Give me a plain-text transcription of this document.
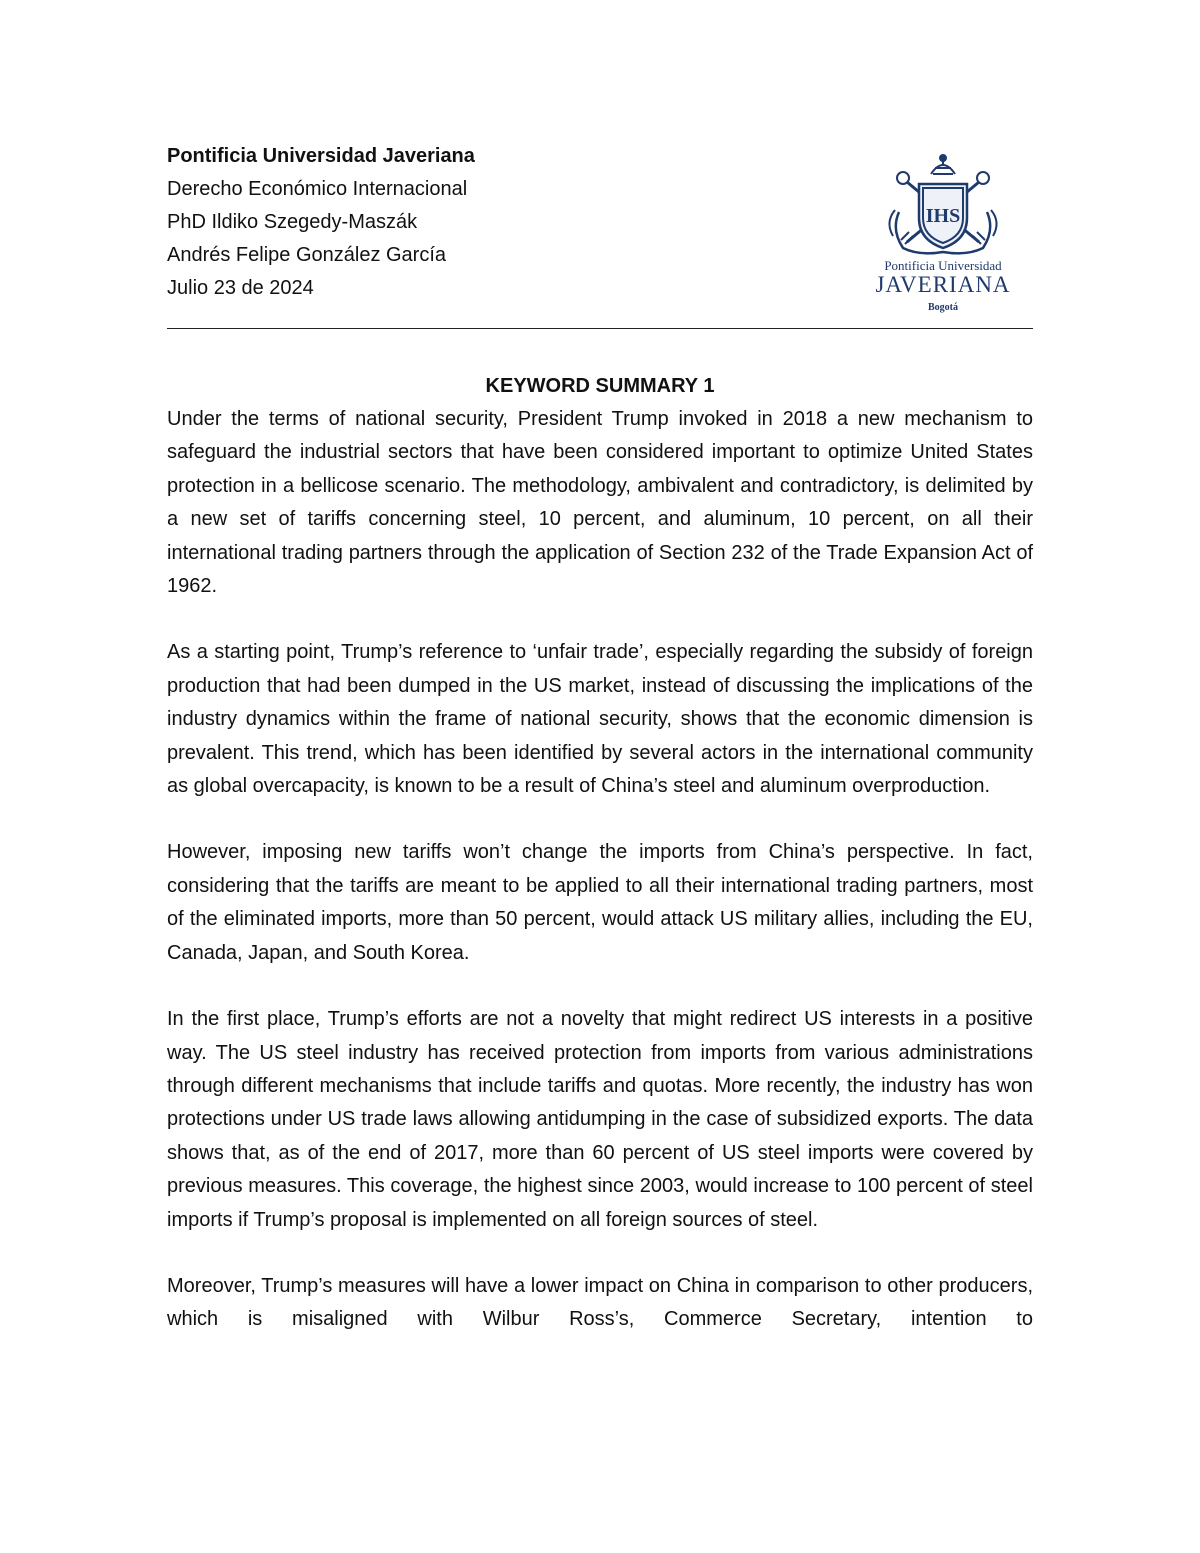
Pontificia Universidad Javeriana
Derecho Económico Internacional
PhD Ildiko Szegedy-Maszák
Andrés Felipe González García
Julio 23 de 2024
IHS
Pontificia Universidad
JAVERIANA
Bogotá
KEYWORD SUMMARY 1

Under the terms of national security, President Trump invoked in 2018 a new mechanism to safeguard the industrial sectors that have been considered important to optimize United States protection in a bellicose scenario. The methodology, ambivalent and contradictory, is delimited by a new set of tariffs concerning steel, 10 percent, and aluminum, 10 percent, on all their international trading partners through the application of Section 232 of the Trade Expansion Act of 1962.

As a starting point, Trump’s reference to ‘unfair trade’, especially regarding the subsidy of foreign production that had been dumped in the US market, instead of discussing the implications of the industry dynamics within the frame of national security, shows that the economic dimension is prevalent. This trend, which has been identified by several actors in the international community as global overcapacity, is known to be a result of China’s steel and aluminum overproduction.

However, imposing new tariffs won’t change the imports from China’s perspective. In fact, considering that the tariffs are meant to be applied to all their international trading partners, most of the eliminated imports, more than 50 percent, would attack US military allies, including the EU, Canada, Japan, and South Korea.

In the first place, Trump’s efforts are not a novelty that might redirect US interests in a positive way. The US steel industry has received protection from imports from various administrations through different mechanisms that include tariffs and quotas. More recently, the industry has won protections under US trade laws allowing antidumping in the case of subsidized exports. The data shows that, as of the end of 2017, more than 60 percent of US steel imports were covered by previous measures. This coverage, the highest since 2003, would increase to 100 percent of steel imports if Trump’s proposal is implemented on all foreign sources of steel.

Moreover, Trump’s measures will have a lower impact on China in comparison to other producers, which is misaligned with Wilbur Ross’s, Commerce Secretary, intention to
